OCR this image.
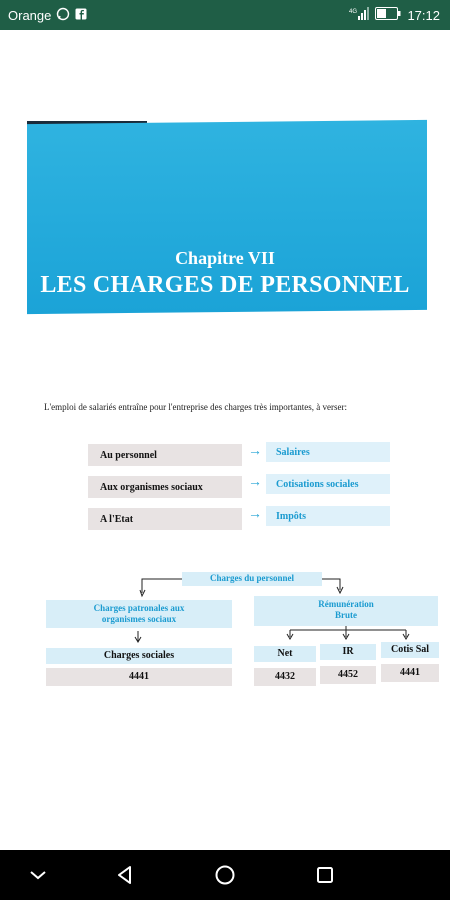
Orange	4G	17:12
Chapitre VII
LES CHARGES DE PERSONNEL
L'emploi de salariés entraîne pour l'entreprise des charges très importantes, à verser:
Au personnel	→	Salaires
Aux organismes sociaux	→	Cotisations sociales
A l'Etat	→	Impôts
Charges du personnel
Charges patronales aux
organismes sociaux
Rémunération
Brute
Charges sociales
4441
Net	IR	Cotis Sal
4432	4452	4441
